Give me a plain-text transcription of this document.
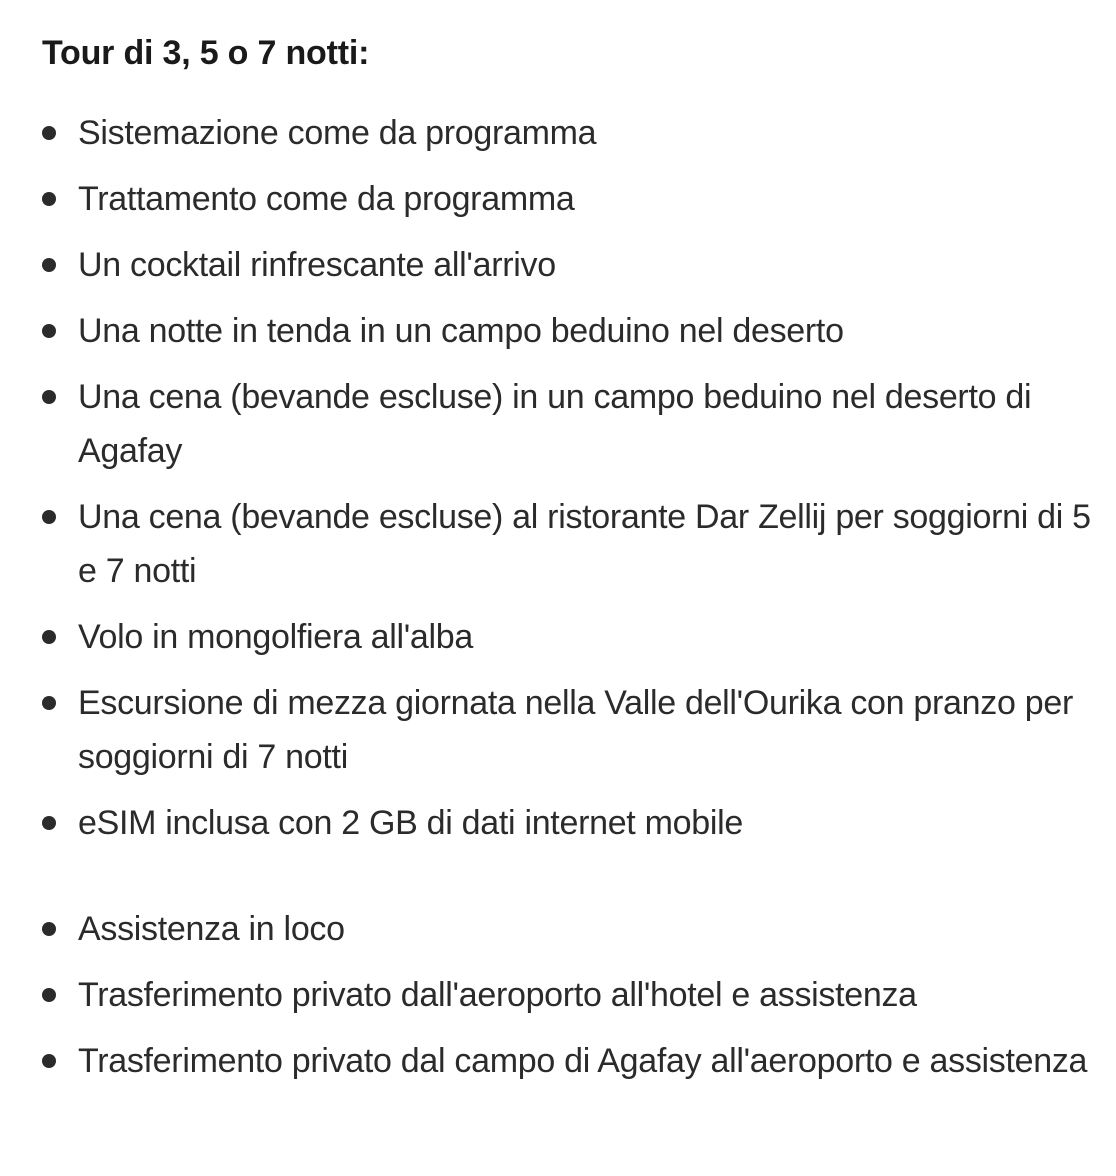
Tour di 3, 5 o 7 notti:
Sistemazione come da programma
Trattamento come da programma
Un cocktail rinfrescante all'arrivo
Una notte in tenda in un campo beduino nel deserto
Una cena (bevande escluse) in un campo beduino nel deserto di Agafay
Una cena (bevande escluse) al ristorante Dar Zellij per soggiorni di 5 e 7 notti
Volo in mongolfiera all'alba
Escursione di mezza giornata nella Valle dell'Ourika con pranzo per soggiorni di 7 notti
eSIM inclusa con 2 GB di dati internet mobile
Assistenza in loco
Trasferimento privato dall'aeroporto all'hotel e assistenza
Trasferimento privato dal campo di Agafay all'aeroporto e assistenza
